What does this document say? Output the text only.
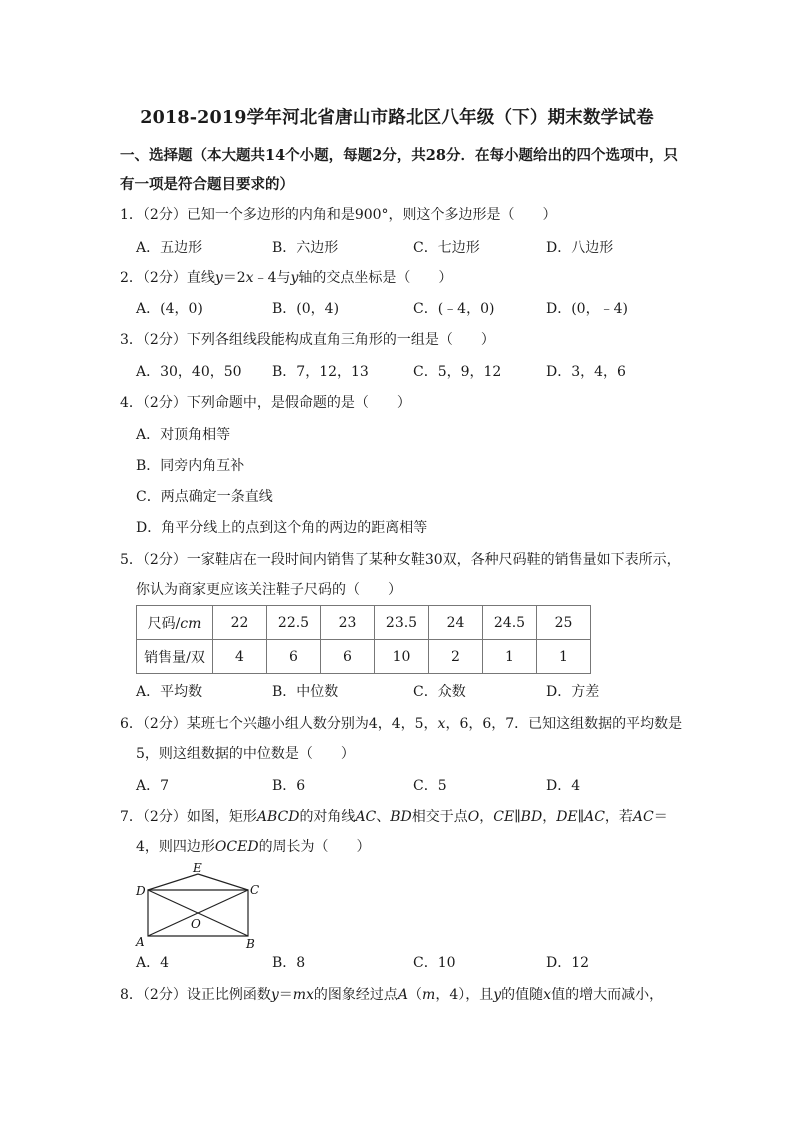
2018-2019学年河北省唐山市路北区八年级（下）期末数学试卷
一、选择题（本大题共14个小题，每题2分，共28分．在每小题给出的四个选项中，只
有一项是符合题目要求的）
1．（2分）已知一个多边形的内角和是900°，则这个多边形是（　　）
A．五边形	B．六边形	C．七边形	D．八边形
2．（2分）直线y＝2x﹣4与y轴的交点坐标是（　　）
A．(4，0)	B．(0，4)	C．(﹣4，0)	D．(0，﹣4)
3．（2分）下列各组线段能构成直角三角形的一组是（　　）
A．30，40，50 B．7，12，13	C．5，9，12	D．3，4，6
4．（2分）下列命题中，是假命题的是（　　）
A．对顶角相等
B．同旁内角互补
C．两点确定一条直线
D．角平分线上的点到这个角的两边的距离相等
5．（2分）一家鞋店在一段时间内销售了某种女鞋30双，各种尺码鞋的销售量如下表所示，
你认为商家更应该关注鞋子尺码的（　　）
尺码/cm	22	22.5	23	23.5	24	24.5	25
销售量/双	4	6	6	10	2	1	1
A．平均数	B．中位数	C．众数	D．方差
6．（2分）某班七个兴趣小组人数分别为4，4，5，x，6，6，7．已知这组数据的平均数是
5，则这组数据的中位数是（　　）
A．7	B．6	C．5	D．4
7．（2分）如图，矩形ABCD的对角线AC、BD相交于点O，CE∥BD，DE∥AC，若AC＝
4，则四边形OCED的周长为（　　）
E
D	C
O
A	B
A．4	B．8	C．10	D．12
8．（2分）设正比例函数y＝mx的图象经过点A（m，4），且y的值随x值的增大而减小，
